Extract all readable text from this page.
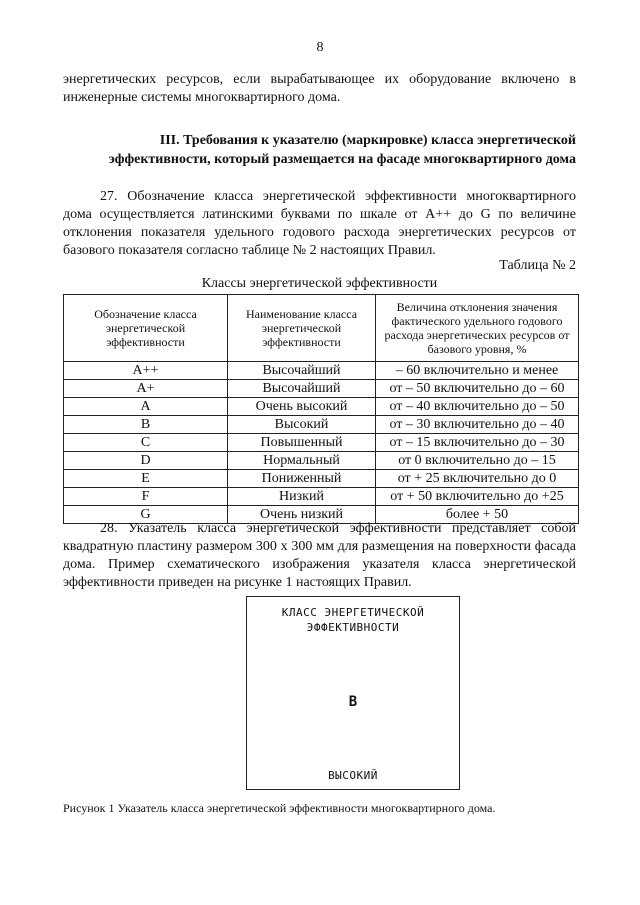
8
энергетических ресурсов, если вырабатывающее их оборудование включено в инженерные системы многоквартирного дома.
III. Требования к указателю (маркировке) класса энергетической эффективности, который размещается на фасаде многоквартирного дома
27. Обозначение класса энергетической эффективности многоквартирного дома осуществляется латинскими буквами по шкале от А++ до G по величине отклонения показателя удельного годового расхода энергетических ресурсов от базового показателя согласно таблице № 2 настоящих Правил.
Таблица № 2
Классы энергетической эффективности
Обозначение класса энергетической эффективности	Наименование класса энергетической эффективности	Величина отклонения значения фактического удельного годового расхода энергетических ресурсов от базового уровня, %
A++	Высочайший	– 60 включительно и менее
A+	Высочайший	от – 50 включительно до – 60
A	Очень высокий	от – 40 включительно до – 50
B	Высокий	от – 30 включительно до – 40
C	Повышенный	от – 15 включительно до – 30
D	Нормальный	от 0 включительно до – 15
E	Пониженный	от + 25 включительно до 0
F	Низкий	от + 50 включительно до +25
G	Очень низкий	более + 50
28. Указатель класса энергетической эффективности представляет собой квадратную пластину размером 300 x 300 мм для размещения на поверхности фасада дома. Пример схематического изображения указателя класса энергетической эффективности приведен на рисунке 1 настоящих Правил.
КЛАСС ЭНЕРГЕТИЧЕСКОЙ
ЭФФЕКТИВНОСТИ
B
ВЫСОКИЙ
Рисунок 1 Указатель класса энергетической эффективности многоквартирного дома.
